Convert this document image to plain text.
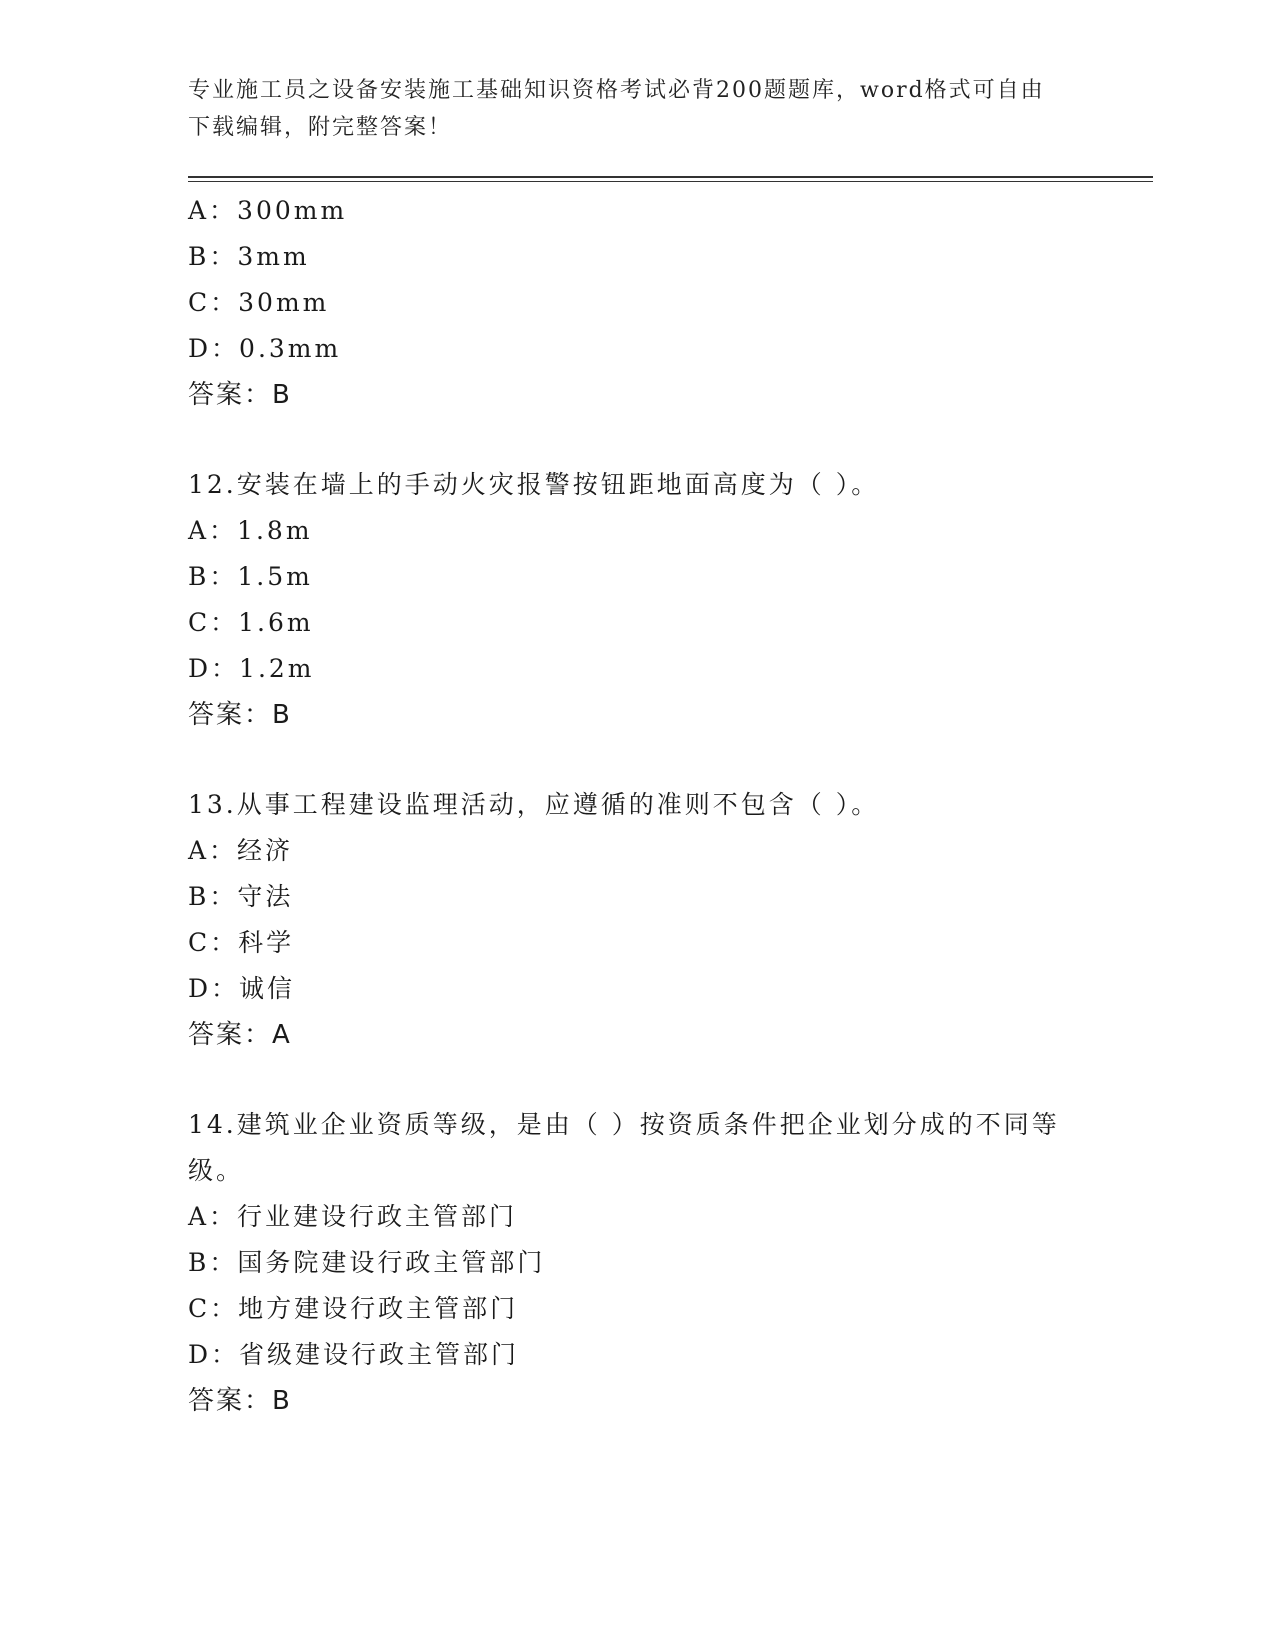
专业施工员之设备安装施工基础知识资格考试必背200题题库，word格式可自由下载编辑，附完整答案！
A：300mm
B：3mm
C：30mm
D：0.3mm
答案：B
12.安装在墙上的手动火灾报警按钮距地面高度为（ ）。
A：1.8m
B：1.5m
C：1.6m
D：1.2m
答案：B
13.从事工程建设监理活动，应遵循的准则不包含（ ）。
A：经济
B：守法
C：科学
D：诚信
答案：A
14.建筑业企业资质等级，是由（ ）按资质条件把企业划分成的不同等级。
A：行业建设行政主管部门
B：国务院建设行政主管部门
C：地方建设行政主管部门
D：省级建设行政主管部门
答案：B
